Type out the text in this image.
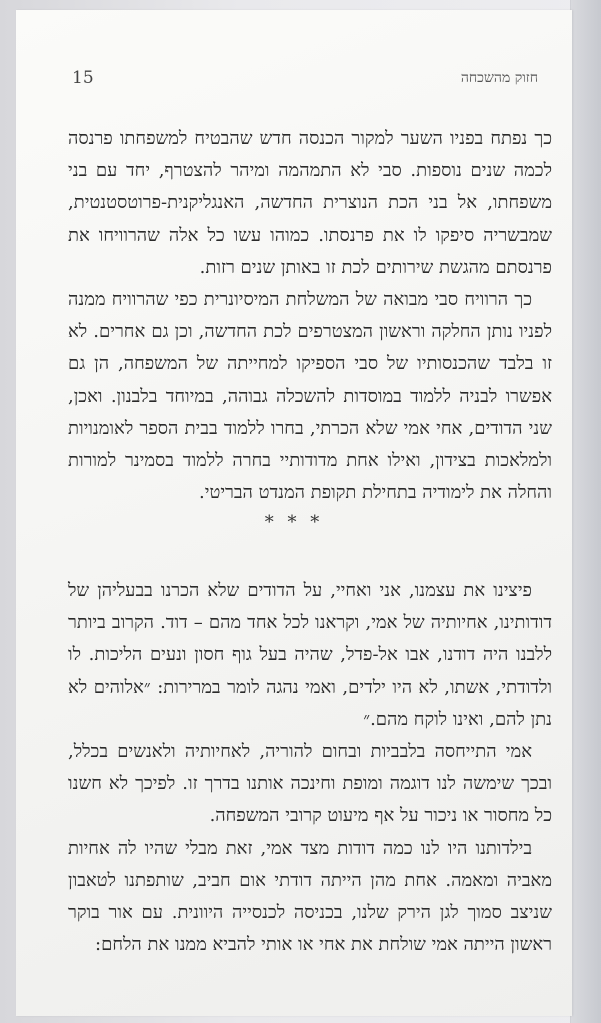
חזוק מהשכחה
15

כך נפתח בפניו השער למקור הכנסה חדש שהבטיח למשפחתו פרנסה לכמה שנים נוספות. סבי לא התמהמה ומיהר להצטרף, יחד עם בני משפחתו, אל בני הכת הנוצרית החדשה, האנגליקנית-פרוטסטנטית, שמבשריה סיפקו לו את פרנסתו. כמוהו עשו כל אלה שהרוויחו את פרנסתם מהגשת שירותים לכת זו באותן שנים רזות.

כך הרוויח סבי מבואה של המשלחת המיסיונרית כפי שהרוויח ממנה לפניו נותן החלקה וראשון המצטרפים לכת החדשה, וכן גם אחרים. לא זו בלבד שהכנסותיו של סבי הספיקו למחייתה של המשפחה, הן גם אפשרו לבניה ללמוד במוסדות להשכלה גבוהה, במיוחד בלבנון. ואכן, שני הדודים, אחי אמי שלא הכרתי, בחרו ללמוד בבית הספר לאומנויות ולמלאכות בצידון, ואילו אחת מדודותיי בחרה ללמוד בסמינר למורות והחלה את לימודיה בתחילת תקופת המנדט הבריטי.

* * *

פיצינו את עצמנו, אני ואחיי, על הדודים שלא הכרנו בבעליהן של דודותינו, אחיותיה של אמי, וקראנו לכל אחד מהם – דוד. הקרוב ביותר ללבנו היה דודנו, אבו אל-פדל, שהיה בעל גוף חסון ונעים הליכות. לו ולדודתי, אשתו, לא היו ילדים, ואמי נהגה לומר במרירות: ״אלוהים לא נתן להם, ואינו לוקח מהם.״

אמי התייחסה בלבביות ובחום להוריה, לאחיותיה ולאנשים בכלל, ובכך שימשה לנו דוגמה ומופת וחינכה אותנו בדרך זו. לפיכך לא חשנו כל מחסור או ניכור על אף מיעוט קרובי המשפחה.

בילדותנו היו לנו כמה דודות מצד אמי, זאת מבלי שהיו לה אחיות מאביה ומאמה. אחת מהן הייתה דודתי אום חביב, שותפתנו לטאבון שניצב סמוך לגן הירק שלנו, בכניסה לכנסייה היוונית. עם אור בוקר ראשון הייתה אמי שולחת את אחי או אותי להביא ממנו את הלחם:
